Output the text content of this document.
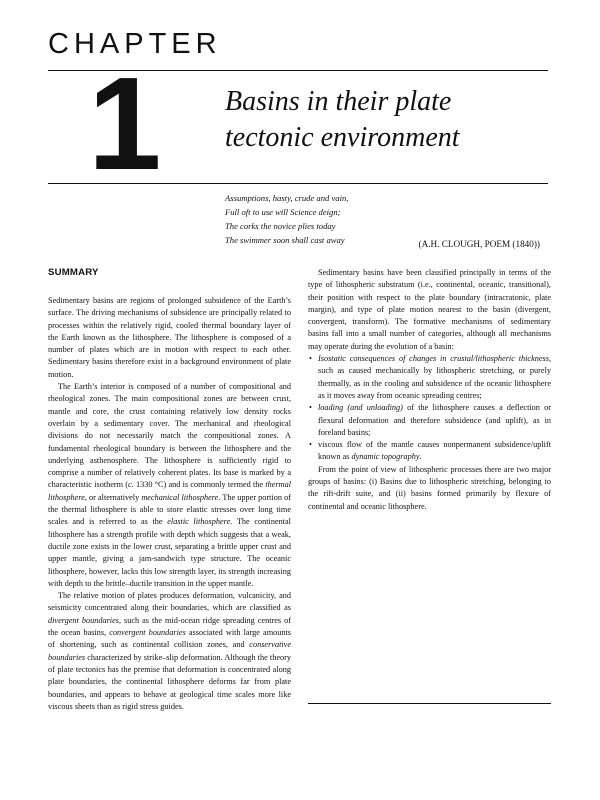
CHAPTER
1 Basins in their plate
tectonic environment
Assumptions, hasty, crude and vain,
Full oft to use will Science deign;
The corks the novice plies today
The swimmer soon shall cast away	(A.H. CLOUGH, POEM (1840))
SUMMARY

Sedimentary basins are regions of prolonged subsidence of the Earth’s surface. The driving mechanisms of subsidence are principally related to processes within the relatively rigid, cooled thermal boundary layer of the Earth known as the lithosphere. The lithosphere is composed of a number of plates which are in motion with respect to each other. Sedimentary basins therefore exist in a background environment of plate motion.

The Earth’s interior is composed of a number of compositional and rheological zones. The main compositional zones are between crust, mantle and core, the crust containing relatively low density rocks overlain by a sedimentary cover. The mechanical and rheological divisions do not necessarily match the compositional zones. A fundamental rheological boundary is between the lithosphere and the underlying asthenosphere. The lithosphere is sufficiently rigid to comprise a number of relatively coherent plates. Its base is marked by a characteristic isotherm (c. 1330 °C) and is commonly termed the thermal lithosphere, or alternatively mechanical lithosphere. The upper portion of the thermal lithosphere is able to store elastic stresses over long time scales and is referred to as the elastic lithosphere. The continental lithosphere has a strength profile with depth which suggests that a weak, ductile zone exists in the lower crust, separating a brittle upper crust and upper mantle, giving a jam-sandwich type structure. The oceanic lithosphere, however, lacks this low strength layer, its strength increasing with depth to the brittle–ductile transition in the upper mantle.

The relative motion of plates produces deformation, vulcanicity, and seismicity concentrated along their boundaries, which are classified as divergent boundaries, such as the mid-ocean ridge spreading centres of the ocean basins, convergent boundaries associated with large amounts of shortening, such as continental collision zones, and conservative boundaries characterized by strike–slip deformation. Although the theory of plate tectonics has the premise that deformation is concentrated along plate boundaries, the continental lithosphere deforms far from plate boundaries, and appears to behave at geological time scales more like viscous sheets than as rigid stress guides.

Sedimentary basins have been classified principally in terms of the type of lithospheric substratum (i.e., continental, oceanic, transitional), their position with respect to the plate boundary (intracratonic, plate margin), and type of plate motion nearest to the basin (divergent, convergent, transform). The formative mechanisms of sedimentary basins fall into a small number of categories, although all mechanisms may operate during the evolution of a basin:

• Isostatic consequences of changes in crustal/lithospheric thickness, such as caused mechanically by lithospheric stretching, or purely thermally, as in the cooling and subsidence of the oceanic lithosphere as it moves away from oceanic spreading centres;
• loading (and unloading) of the lithosphere causes a deflection or flexural deformation and therefore subsidence (and uplift), as in foreland basins;
• viscous flow of the mantle causes nonpermanent subsidence/uplift known as dynamic topography.

From the point of view of lithospheric processes there are two major groups of basins: (i) Basins due to lithospheric stretching, belonging to the rift-drift suite, and (ii) basins formed primarily by flexure of continental and oceanic lithosphere.
